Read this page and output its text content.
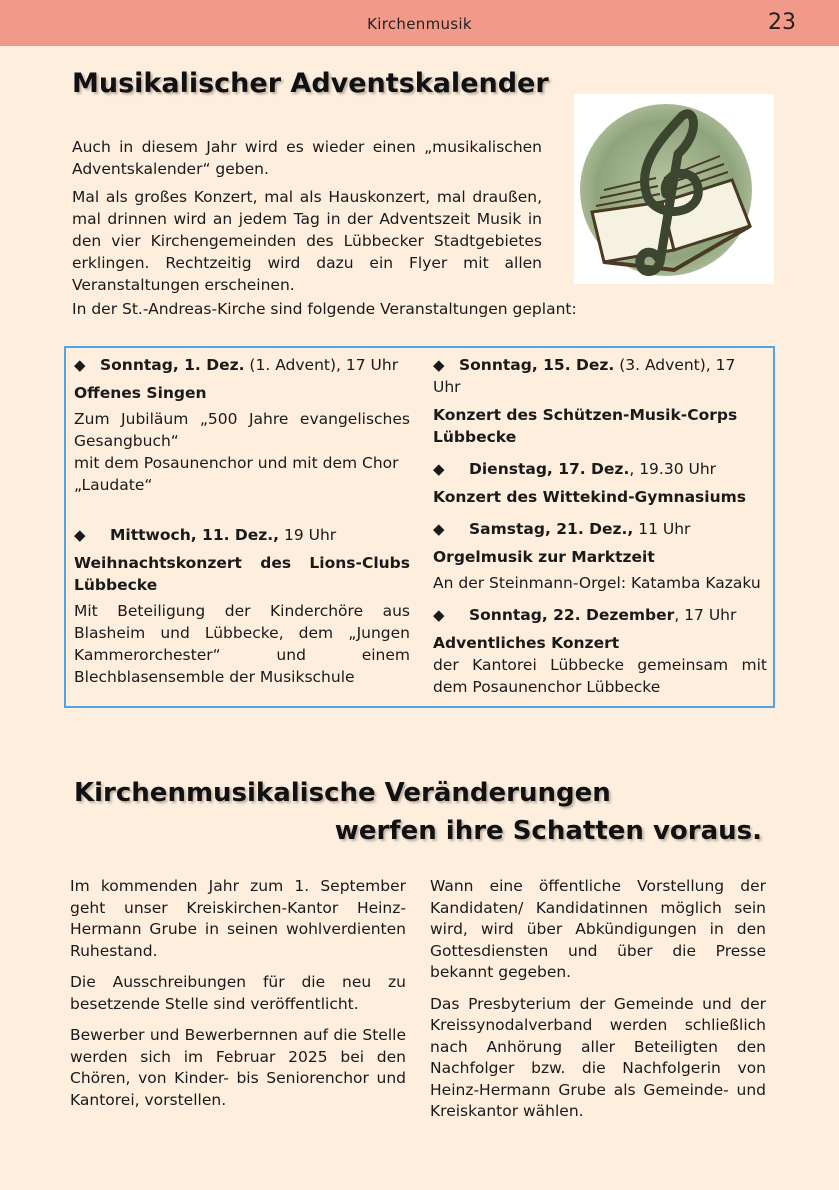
Kirchenmusik	23
Musikalischer Adventskalender

Auch in diesem Jahr wird es wieder einen „musikalischen Adventskalender“ geben.

Mal als großes Konzert, mal als Hauskonzert, mal draußen, mal drinnen wird an jedem Tag in der Adventszeit Musik in den vier Kirchengemeinden des Lübbecker Stadtgebietes erklingen. Rechtzeitig wird dazu ein Flyer mit allen Veranstaltungen erscheinen.

In der St.-Andreas-Kirche sind folgende Veranstaltungen geplant:
◆ Sonntag, 1. Dez. (1. Advent), 17 Uhr
Offenes Singen
Zum Jubiläum „500 Jahre evangelisches Gesangbuch“
mit dem Posaunenchor und mit dem Chor „Laudate“
◆ Mittwoch, 11. Dez., 19 Uhr
Weihnachtskonzert des Lions-Clubs Lübbecke
Mit Beteiligung der Kinderchöre aus Blasheim und Lübbecke, dem „Jungen Kammerorchester“ und einem Blechblasensemble der Musikschule
◆ Sonntag, 15. Dez. (3. Advent), 17 Uhr
Konzert des Schützen-Musik-Corps Lübbecke
◆ Dienstag, 17. Dez., 19.30 Uhr
Konzert des Wittekind-Gymnasiums
◆ Samstag, 21. Dez., 11 Uhr
Orgelmusik zur Marktzeit
An der Steinmann-Orgel: Katamba Kazaku
◆ Sonntag, 22. Dezember, 17 Uhr
Adventliches Konzert
der Kantorei Lübbecke gemeinsam mit dem Posaunenchor Lübbecke
Kirchenmusikalische Veränderungen
werfen ihre Schatten voraus.

Im kommenden Jahr zum 1. September geht unser Kreiskirchen-Kantor Heinz-Hermann Grube in seinen wohlverdienten Ruhestand.

Die Ausschreibungen für die neu zu besetzende Stelle sind veröffentlicht.

Bewerber und Bewerbernnen auf die Stelle werden sich im Februar 2025 bei den Chören, von Kinder- bis Seniorenchor und Kantorei, vorstellen.

Wann eine öffentliche Vorstellung der Kandidaten/ Kandidatinnen möglich sein wird, wird über Abkündigungen in den Gottesdiensten und über die Presse bekannt gegeben.

Das Presbyterium der Gemeinde und der Kreissynodalverband werden schließlich nach Anhörung aller Beteiligten den Nachfolger bzw. die Nachfolgerin von Heinz-Hermann Grube als Gemeinde- und Kreiskantor wählen.
